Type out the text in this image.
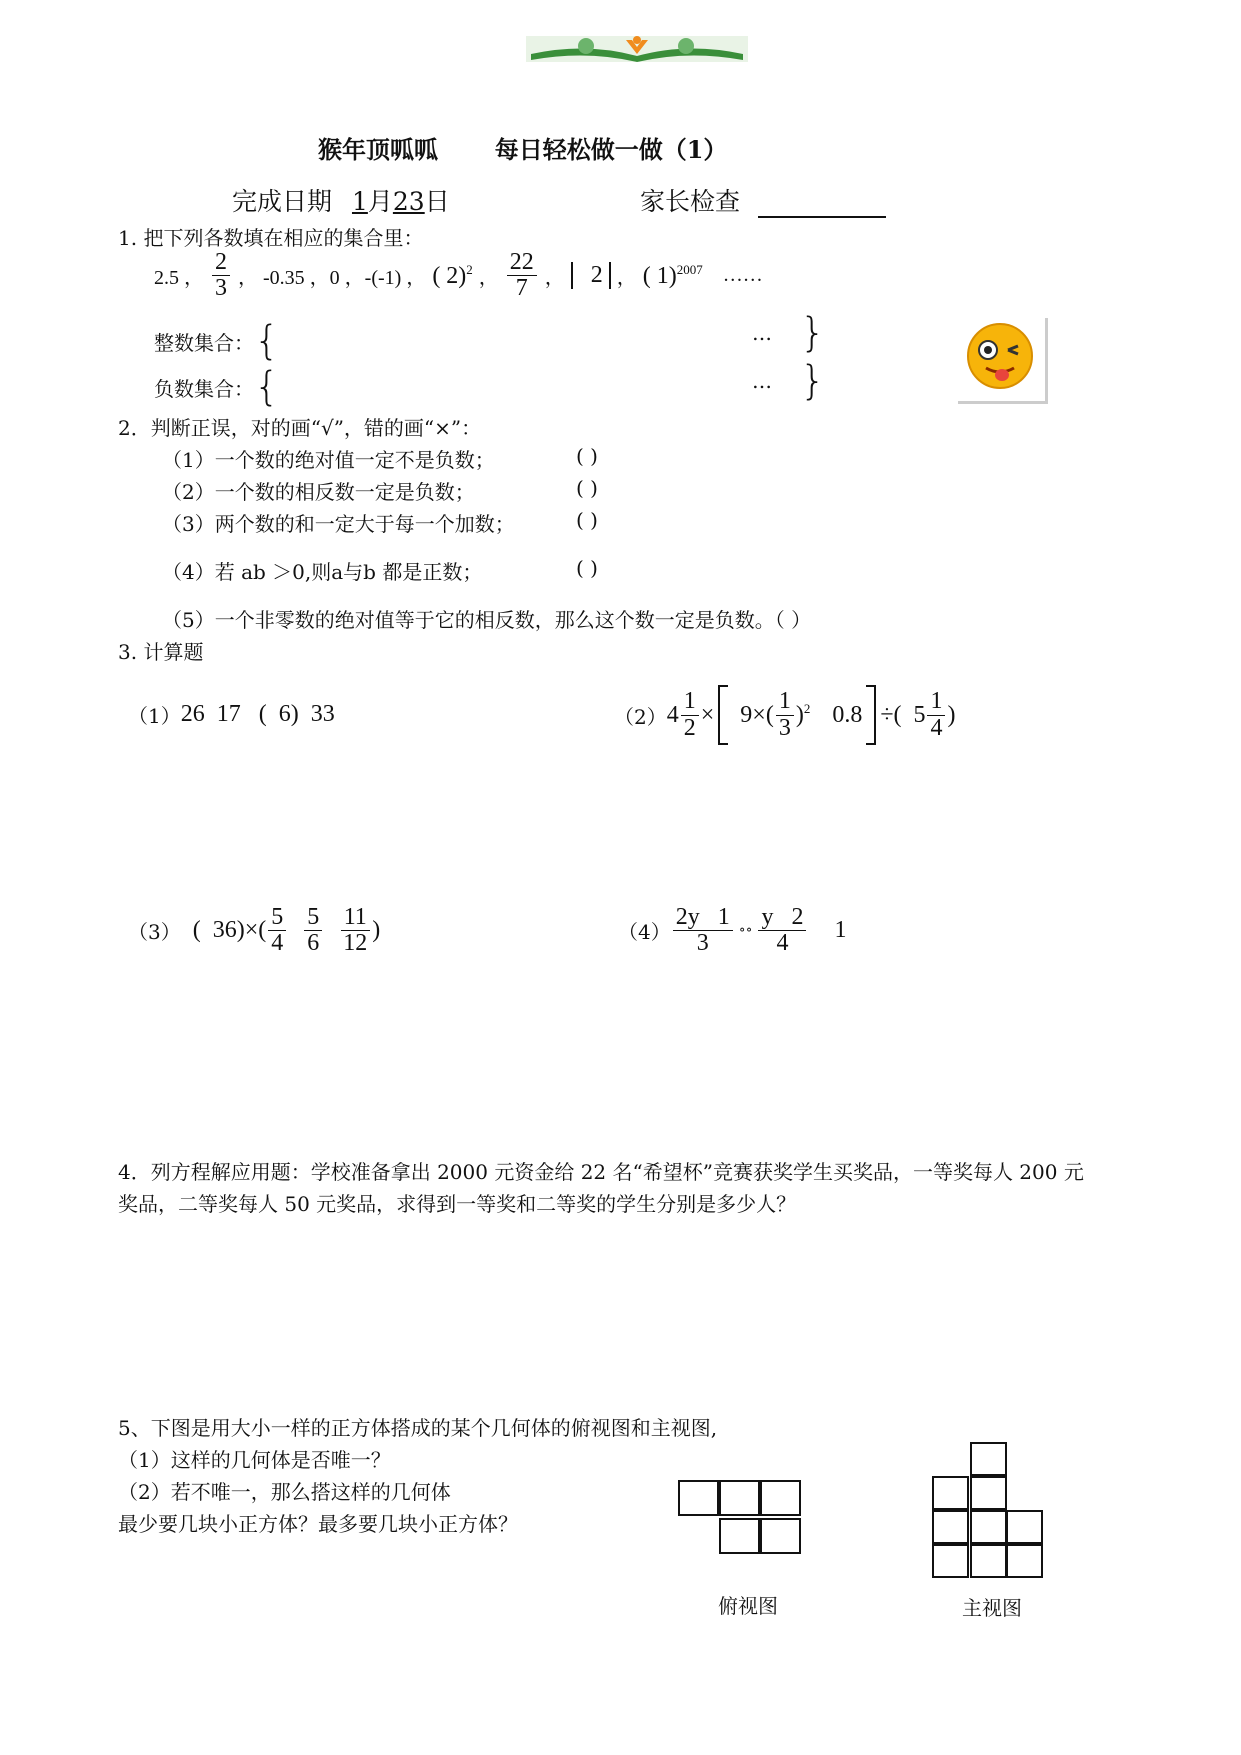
猴年顶呱呱 每日轻松做一做（1）
完成日期 1月23日	家长检查
1. 把下列各数填在相应的集合里：
2.5 ， $\frac{2}{3}$ ， -0.35 ，0 ，-(-1) ， ( 2)$^2$ ， $\frac{22}{7}$ ，	2 ， ( 1)$^{2007}$ ……
整数集合： {	… }
负数集合： {	… }
2．判断正误，对的画“√”，错的画“×”：
（1）一个数的绝对值一定不是负数；	( )
（2）一个数的相反数一定是负数；	( )
（3）两个数的和一定大于每一个加数；	( )
（4）若 ab ＞0,则a与b 都是正数；	( )
（5）一个非零数的绝对值等于它的相反数，那么这个数一定是负数。（ ）
3. 计算题
（1） 26  17   (  6)  33	（2） $4 \frac{1}{2} \times 9\times( \frac{1}{3} )^2$ 0.8 ÷(  $5 \frac{1}{4}$ )
（3） (  $36)\times( \frac{5}{4} \frac{5}{6} \frac{11}{12}$ )	$(4) \frac{2y 1}{3}$ ∘∘ $\frac{y 2}{4} 1$
4．列方程解应用题：学校准备拿出 2000 元资金给 22 名“希望杯”竞赛获奖学生买奖品，一等奖每人 200 元
奖品，二等奖每人 50 元奖品，求得到一等奖和二等奖的学生分别是多少人？
5、下图是用大小一样的正方体搭成的某个几何体的俯视图和主视图,
（1）这样的几何体是否唯一？
（2）若不唯一，那么搭这样的几何体
最少要几块小正方体？最多要几块小正方体？
俯视图	主视图
